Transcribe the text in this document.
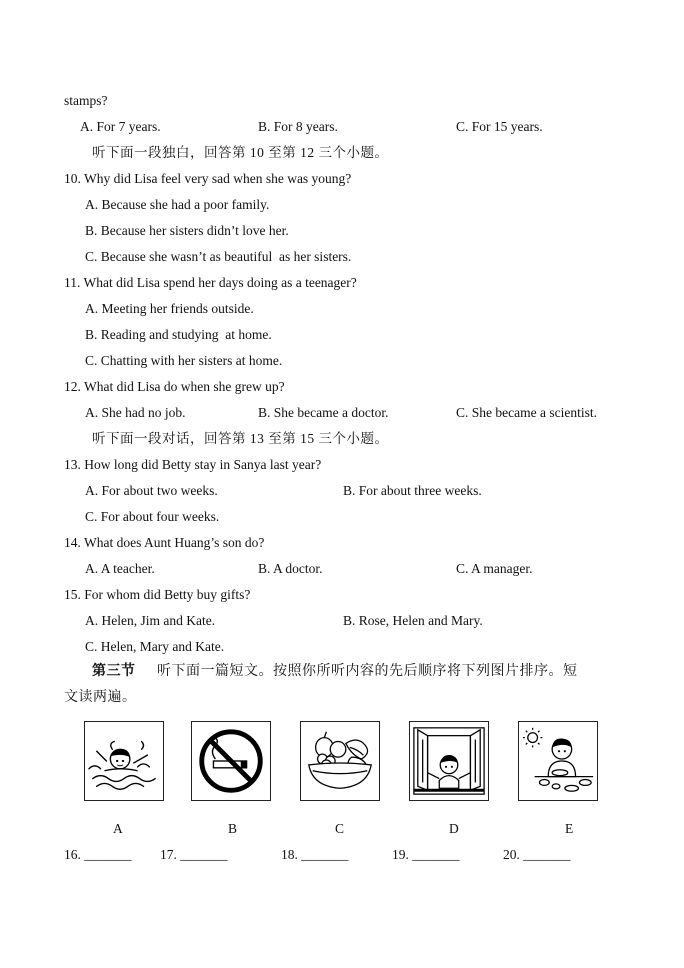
stamps?
A. For 7 years.	B. For 8 years.	C. For 15 years.
听下面一段独白，回答第 10 至第 12 三个小题。
10. Why did Lisa feel very sad when she was young?
A. Because she had a poor family.
B. Because her sisters didn’t love her.
C. Because she wasn’t as beautiful  as her sisters.
11. What did Lisa spend her days doing as a teenager?
A. Meeting her friends outside.
B. Reading and studying  at home.
C. Chatting with her sisters at home.
12. What did Lisa do when she grew up?
A. She had no job.	B. She became a doctor.	C. She became a scientist.
听下面一段对话，回答第 13 至第 15 三个小题。
13. How long did Betty stay in Sanya last year?
A. For about two weeks.	B. For about three weeks.
C. For about four weeks.
14. What does Aunt Huang’s son do?
A. A teacher.	B. A doctor.	C. A manager.
15. For whom did Betty buy gifts?
A. Helen, Jim and Kate.	B. Rose, Helen and Mary.
C. Helen, Mary and Kate.
第三节 听下面一篇短文。按照你所听内容的先后顺序将下列图片排序。短
文读两遍。
A	B	C	D	E
16. _______ 17. _______	18. _______	19. _______	20. _______
